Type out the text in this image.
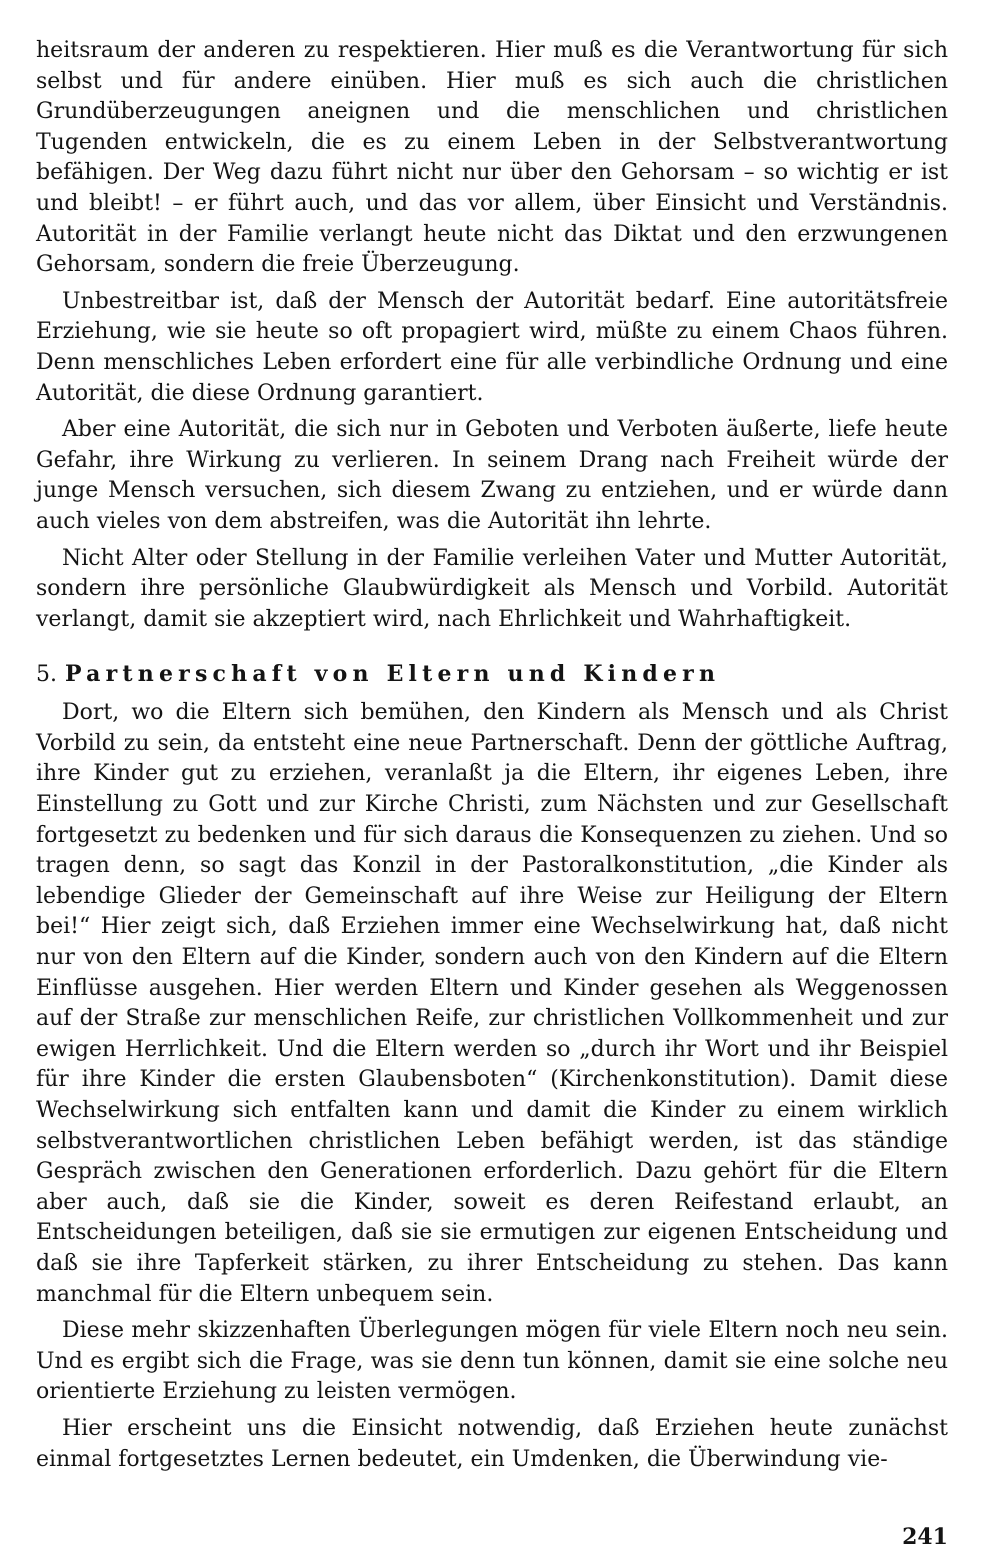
heitsraum der anderen zu respektieren. Hier muß es die Verantwortung für sich selbst und für andere einüben. Hier muß es sich auch die christlichen Grundüberzeugungen aneignen und die menschlichen und christlichen Tugenden entwickeln, die es zu einem Leben in der Selbstverantwortung befähigen. Der Weg dazu führt nicht nur über den Gehorsam – so wichtig er ist und bleibt! – er führt auch, und das vor allem, über Einsicht und Verständnis. Autorität in der Familie verlangt heute nicht das Diktat und den erzwungenen Gehorsam, sondern die freie Überzeugung.

Unbestreitbar ist, daß der Mensch der Autorität bedarf. Eine autoritätsfreie Erziehung, wie sie heute so oft propagiert wird, müßte zu einem Chaos führen. Denn menschliches Leben erfordert eine für alle verbindliche Ordnung und eine Autorität, die diese Ordnung garantiert.

Aber eine Autorität, die sich nur in Geboten und Verboten äußerte, liefe heute Gefahr, ihre Wirkung zu verlieren. In seinem Drang nach Freiheit würde der junge Mensch versuchen, sich diesem Zwang zu entziehen, und er würde dann auch vieles von dem abstreifen, was die Autorität ihn lehrte.

Nicht Alter oder Stellung in der Familie verleihen Vater und Mutter Autorität, sondern ihre persönliche Glaubwürdigkeit als Mensch und Vorbild. Autorität verlangt, damit sie akzeptiert wird, nach Ehrlichkeit und Wahrhaftigkeit.

5. Partnerschaft von Eltern und Kindern

Dort, wo die Eltern sich bemühen, den Kindern als Mensch und als Christ Vorbild zu sein, da entsteht eine neue Partnerschaft. Denn der göttliche Auftrag, ihre Kinder gut zu erziehen, veranlaßt ja die Eltern, ihr eigenes Leben, ihre Einstellung zu Gott und zur Kirche Christi, zum Nächsten und zur Gesellschaft fortgesetzt zu bedenken und für sich daraus die Konsequenzen zu ziehen. Und so tragen denn, so sagt das Konzil in der Pastoralkonstitution, „die Kinder als lebendige Glieder der Gemeinschaft auf ihre Weise zur Heiligung der Eltern bei!“ Hier zeigt sich, daß Erziehen immer eine Wechselwirkung hat, daß nicht nur von den Eltern auf die Kinder, sondern auch von den Kindern auf die Eltern Einflüsse ausgehen. Hier werden Eltern und Kinder gesehen als Weggenossen auf der Straße zur menschlichen Reife, zur christlichen Vollkommenheit und zur ewigen Herrlichkeit. Und die Eltern werden so „durch ihr Wort und ihr Beispiel für ihre Kinder die ersten Glaubensboten“ (Kirchenkonstitution). Damit diese Wechselwirkung sich entfalten kann und damit die Kinder zu einem wirklich selbstverantwortlichen christlichen Leben befähigt werden, ist das ständige Gespräch zwischen den Generationen erforderlich. Dazu gehört für die Eltern aber auch, daß sie die Kinder, soweit es deren Reifestand erlaubt, an Entscheidungen beteiligen, daß sie sie ermutigen zur eigenen Entscheidung und daß sie ihre Tapferkeit stärken, zu ihrer Entscheidung zu stehen. Das kann manchmal für die Eltern unbequem sein.

Diese mehr skizzenhaften Überlegungen mögen für viele Eltern noch neu sein. Und es ergibt sich die Frage, was sie denn tun können, damit sie eine solche neu orientierte Erziehung zu leisten vermögen.

Hier erscheint uns die Einsicht notwendig, daß Erziehen heute zunächst einmal fortgesetztes Lernen bedeutet, ein Umdenken, die Überwindung vie-

241
